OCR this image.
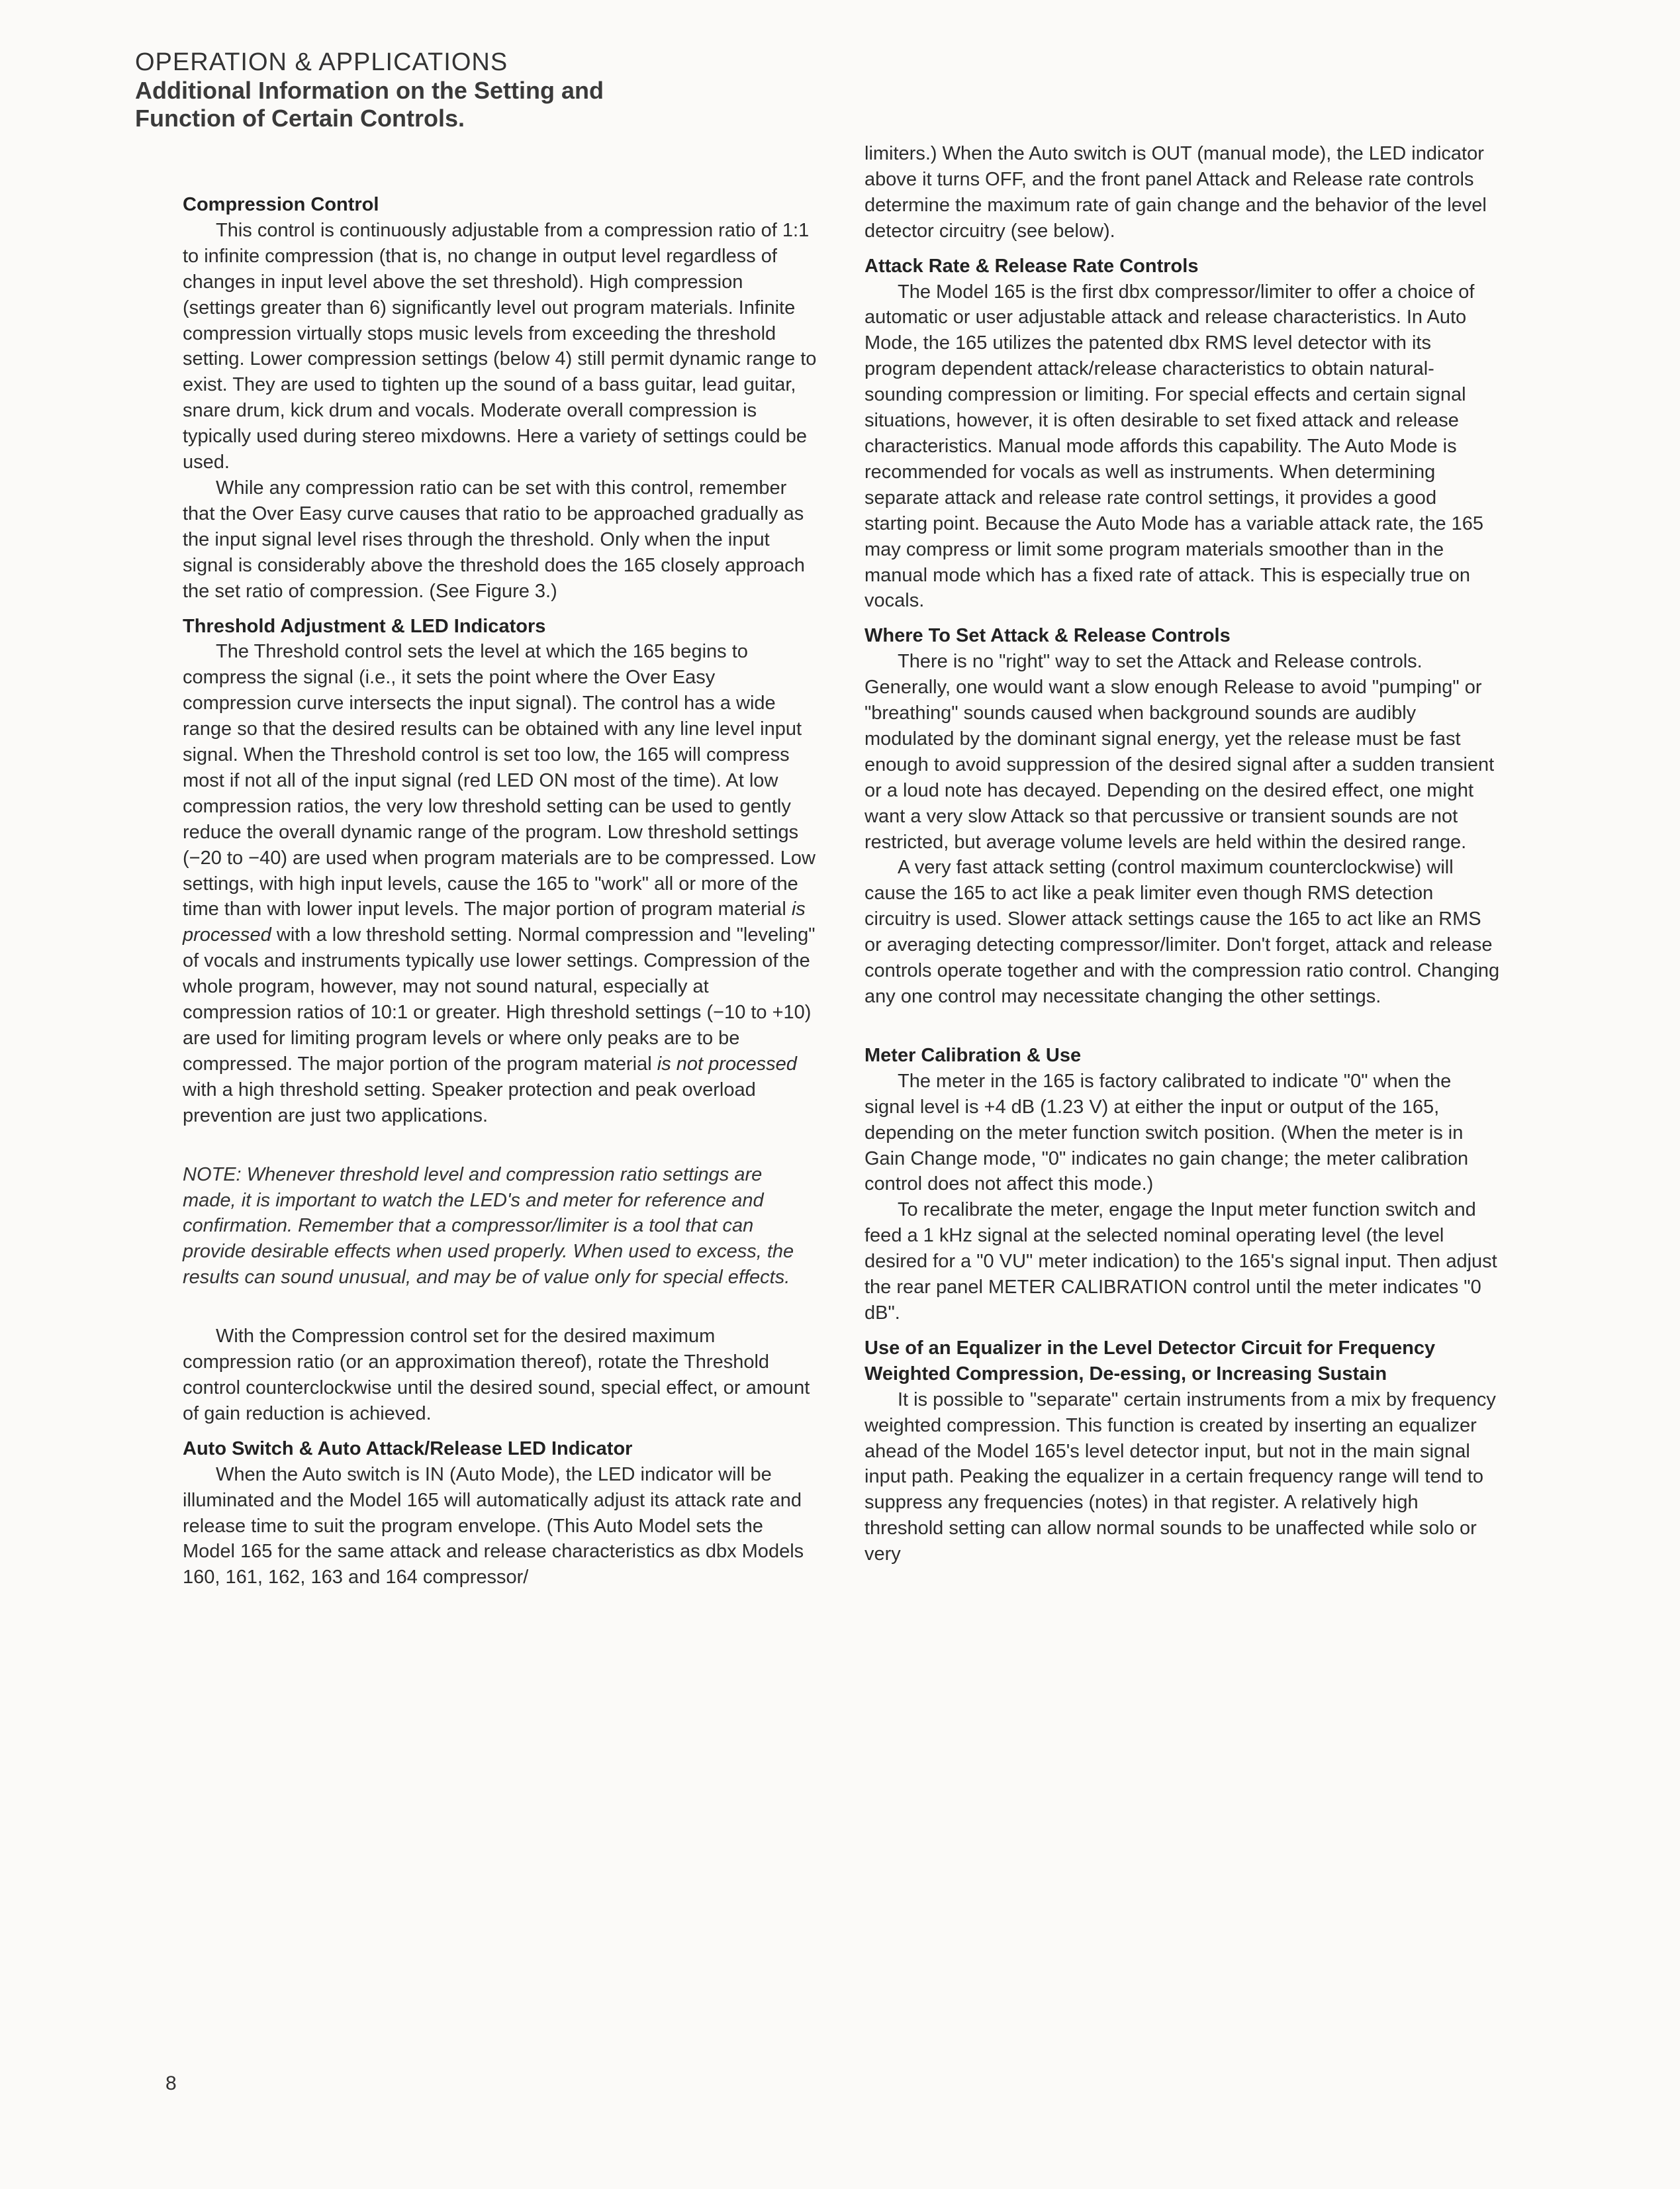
OPERATION & APPLICATIONS
Additional Information on the Setting and
Function of Certain Controls.
Compression Control

This control is continuously adjustable from a compression ratio of 1:1 to infinite compression (that is, no change in output level regardless of changes in input level above the set threshold). High compression (settings greater than 6) significantly level out program materials. Infinite compression virtually stops music levels from exceeding the threshold setting. Lower compression settings (below 4) still permit dynamic range to exist. They are used to tighten up the sound of a bass guitar, lead guitar, snare drum, kick drum and vocals. Moderate overall compression is typically used during stereo mixdowns. Here a variety of settings could be used.

While any compression ratio can be set with this control, remember that the Over Easy curve causes that ratio to be approached gradually as the input signal level rises through the threshold. Only when the input signal is considerably above the threshold does the 165 closely approach the set ratio of compression. (See Figure 3.)

Threshold Adjustment & LED Indicators

The Threshold control sets the level at which the 165 begins to compress the signal (i.e., it sets the point where the Over Easy compression curve intersects the input signal). The control has a wide range so that the desired results can be obtained with any line level input signal. When the Threshold control is set too low, the 165 will compress most if not all of the input signal (red LED ON most of the time). At low compression ratios, the very low threshold setting can be used to gently reduce the overall dynamic range of the program. Low threshold settings (−20 to −40) are used when program materials are to be compressed. Low settings, with high input levels, cause the 165 to "work" all or more of the time than with lower input levels. The major portion of program material is processed with a low threshold setting. Normal compression and "leveling" of vocals and instruments typically use lower settings. Compression of the whole program, however, may not sound natural, especially at compression ratios of 10:1 or greater. High threshold settings (−10 to +10) are used for limiting program levels or where only peaks are to be compressed. The major portion of the program material is not processed with a high threshold setting. Speaker protection and peak overload prevention are just two applications.

NOTE: Whenever threshold level and compression ratio settings are made, it is important to watch the LED's and meter for reference and confirmation. Remember that a compressor/limiter is a tool that can provide desirable effects when used properly. When used to excess, the results can sound unusual, and may be of value only for special effects.

With the Compression control set for the desired maximum compression ratio (or an approximation thereof), rotate the Threshold control counterclockwise until the desired sound, special effect, or amount of gain reduction is achieved.

Auto Switch & Auto Attack/Release LED Indicator

When the Auto switch is IN (Auto Mode), the LED indicator will be illuminated and the Model 165 will automatically adjust its attack rate and release time to suit the program envelope. (This Auto Model sets the Model 165 for the same attack and release characteristics as dbx Models 160, 161, 162, 163 and 164 compressor/

limiters.) When the Auto switch is OUT (manual mode), the LED indicator above it turns OFF, and the front panel Attack and Release rate controls determine the maximum rate of gain change and the behavior of the level detector circuitry (see below).

Attack Rate & Release Rate Controls

The Model 165 is the first dbx compressor/limiter to offer a choice of automatic or user adjustable attack and release characteristics. In Auto Mode, the 165 utilizes the patented dbx RMS level detector with its program dependent attack/release characteristics to obtain natural-sounding compression or limiting. For special effects and certain signal situations, however, it is often desirable to set fixed attack and release characteristics. Manual mode affords this capability. The Auto Mode is recommended for vocals as well as instruments. When determining separate attack and release rate control settings, it provides a good starting point. Because the Auto Mode has a variable attack rate, the 165 may compress or limit some program materials smoother than in the manual mode which has a fixed rate of attack. This is especially true on vocals.

Where To Set Attack & Release Controls

There is no "right" way to set the Attack and Release controls. Generally, one would want a slow enough Release to avoid "pumping" or "breathing" sounds caused when background sounds are audibly modulated by the dominant signal energy, yet the release must be fast enough to avoid suppression of the desired signal after a sudden transient or a loud note has decayed. Depending on the desired effect, one might want a very slow Attack so that percussive or transient sounds are not restricted, but average volume levels are held within the desired range.

A very fast attack setting (control maximum counterclockwise) will cause the 165 to act like a peak limiter even though RMS detection circuitry is used. Slower attack settings cause the 165 to act like an RMS or averaging detecting compressor/limiter. Don't forget, attack and release controls operate together and with the compression ratio control. Changing any one control may necessitate changing the other settings.

Meter Calibration & Use

The meter in the 165 is factory calibrated to indicate "0" when the signal level is +4 dB (1.23 V) at either the input or output of the 165, depending on the meter function switch position. (When the meter is in Gain Change mode, "0" indicates no gain change; the meter calibration control does not affect this mode.)

To recalibrate the meter, engage the Input meter function switch and feed a 1 kHz signal at the selected nominal operating level (the level desired for a "0 VU" meter indication) to the 165's signal input. Then adjust the rear panel METER CALIBRATION control until the meter indicates "0 dB".

Use of an Equalizer in the Level Detector Circuit for Frequency Weighted Compression, De-essing, or Increasing Sustain

It is possible to "separate" certain instruments from a mix by frequency weighted compression. This function is created by inserting an equalizer ahead of the Model 165's level detector input, but not in the main signal input path. Peaking the equalizer in a certain frequency range will tend to suppress any frequencies (notes) in that register. A relatively high threshold setting can allow normal sounds to be unaffected while solo or very

8
